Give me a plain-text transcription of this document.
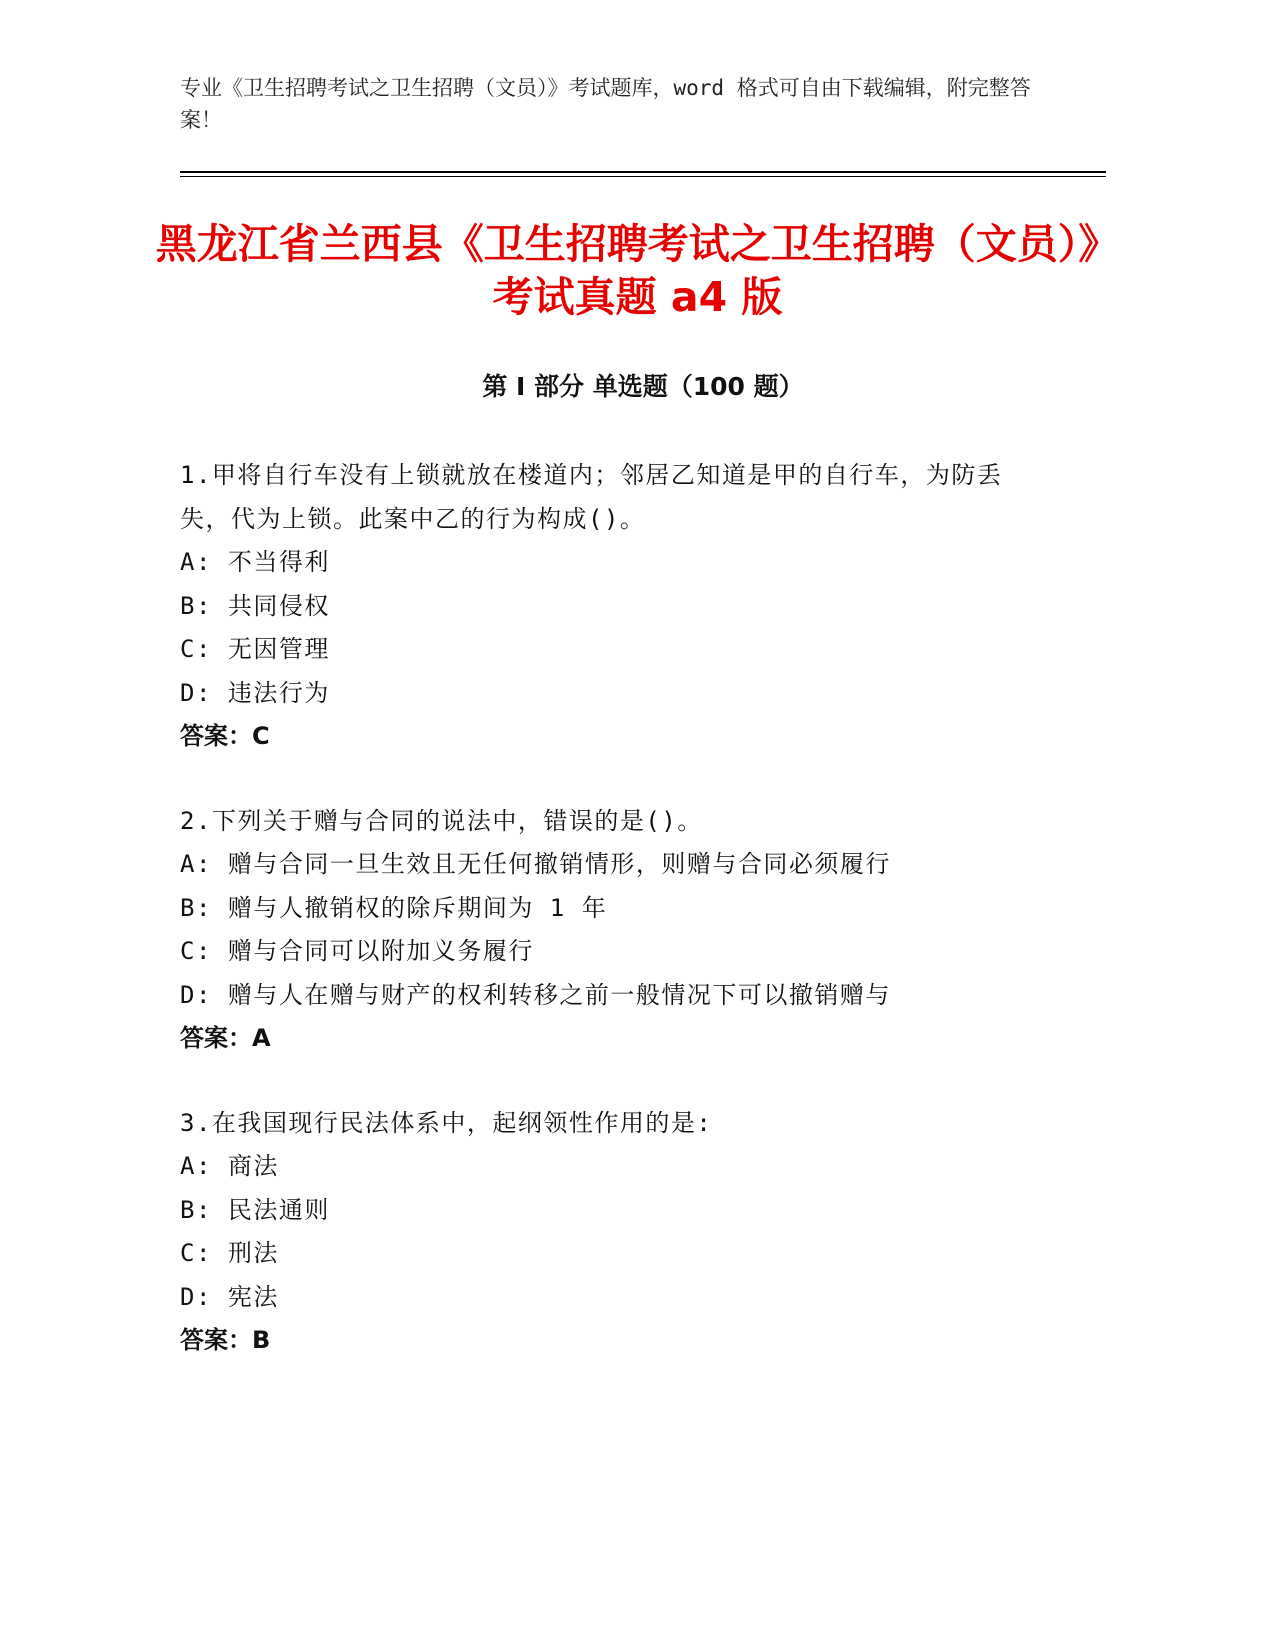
专业《卫生招聘考试之卫生招聘（文员）》考试题库，word 格式可自由下载编辑，附完整答案！
黑龙江省兰西县《卫生招聘考试之卫生招聘（文员）》考试真题 a4 版
第 I 部分 单选题（100 题）
1.甲将自行车没有上锁就放在楼道内；邻居乙知道是甲的自行车，为防丢失，代为上锁。此案中乙的行为构成()。
A: 不当得利
B: 共同侵权
C: 无因管理
D: 违法行为
答案：C
2.下列关于赠与合同的说法中，错误的是()。
A: 赠与合同一旦生效且无任何撤销情形，则赠与合同必须履行
B: 赠与人撤销权的除斥期间为 1 年
C: 赠与合同可以附加义务履行
D: 赠与人在赠与财产的权利转移之前一般情况下可以撤销赠与
答案：A
3.在我国现行民法体系中，起纲领性作用的是:
A: 商法
B: 民法通则
C: 刑法
D: 宪法
答案：B
